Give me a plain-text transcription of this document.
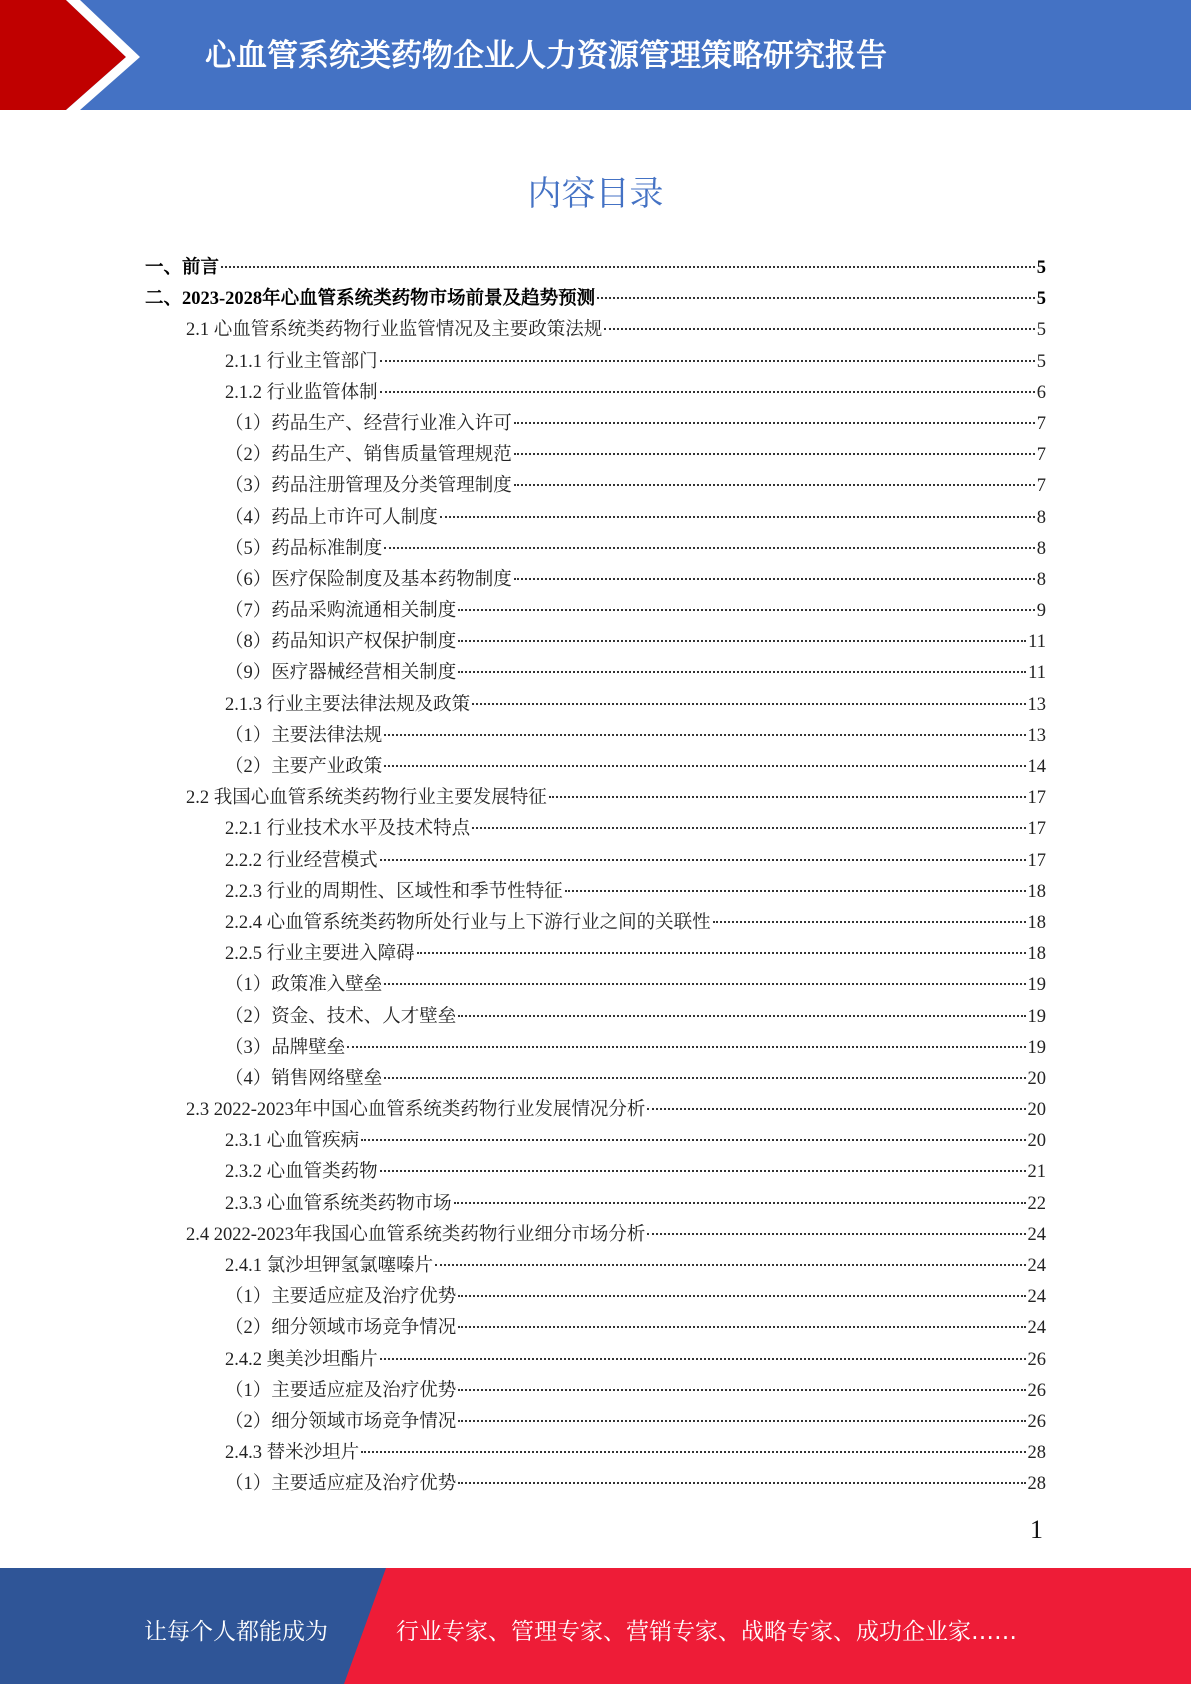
心血管系统类药物企业人力资源管理策略研究报告
内容目录
一、前言	5
二、2023-2028年心血管系统类药物市场前景及趋势预测	5
2.1 心血管系统类药物行业监管情况及主要政策法规	5
2.1.1 行业主管部门	5
2.1.2 行业监管体制	6
（1）药品生产、经营行业准入许可	7
（2）药品生产、销售质量管理规范	7
（3）药品注册管理及分类管理制度	7
（4）药品上市许可人制度	8
（5）药品标准制度	8
（6）医疗保险制度及基本药物制度	8
（7）药品采购流通相关制度	9
（8）药品知识产权保护制度	11
（9）医疗器械经营相关制度	11
2.1.3 行业主要法律法规及政策	13
（1）主要法律法规	13
（2）主要产业政策	14
2.2 我国心血管系统类药物行业主要发展特征	17
2.2.1 行业技术水平及技术特点	17
2.2.2 行业经营模式	17
2.2.3 行业的周期性、区域性和季节性特征	18
2.2.4 心血管系统类药物所处行业与上下游行业之间的关联性	18
2.2.5 行业主要进入障碍	18
（1）政策准入壁垒	19
（2）资金、技术、人才壁垒	19
（3）品牌壁垒	19
（4）销售网络壁垒	20
2.3 2022-2023年中国心血管系统类药物行业发展情况分析	20
2.3.1 心血管疾病	20
2.3.2 心血管类药物	21
2.3.3 心血管系统类药物市场	22
2.4 2022-2023年我国心血管系统类药物行业细分市场分析	24
2.4.1 氯沙坦钾氢氯噻嗪片	24
（1）主要适应症及治疗优势	24
（2）细分领域市场竞争情况	24
2.4.2 奥美沙坦酯片	26
（1）主要适应症及治疗优势	26
（2）细分领域市场竞争情况	26
2.4.3 替米沙坦片	28
（1）主要适应症及治疗优势	28
1
让每个人都能成为	行业专家、管理专家、营销专家、战略专家、成功企业家……
